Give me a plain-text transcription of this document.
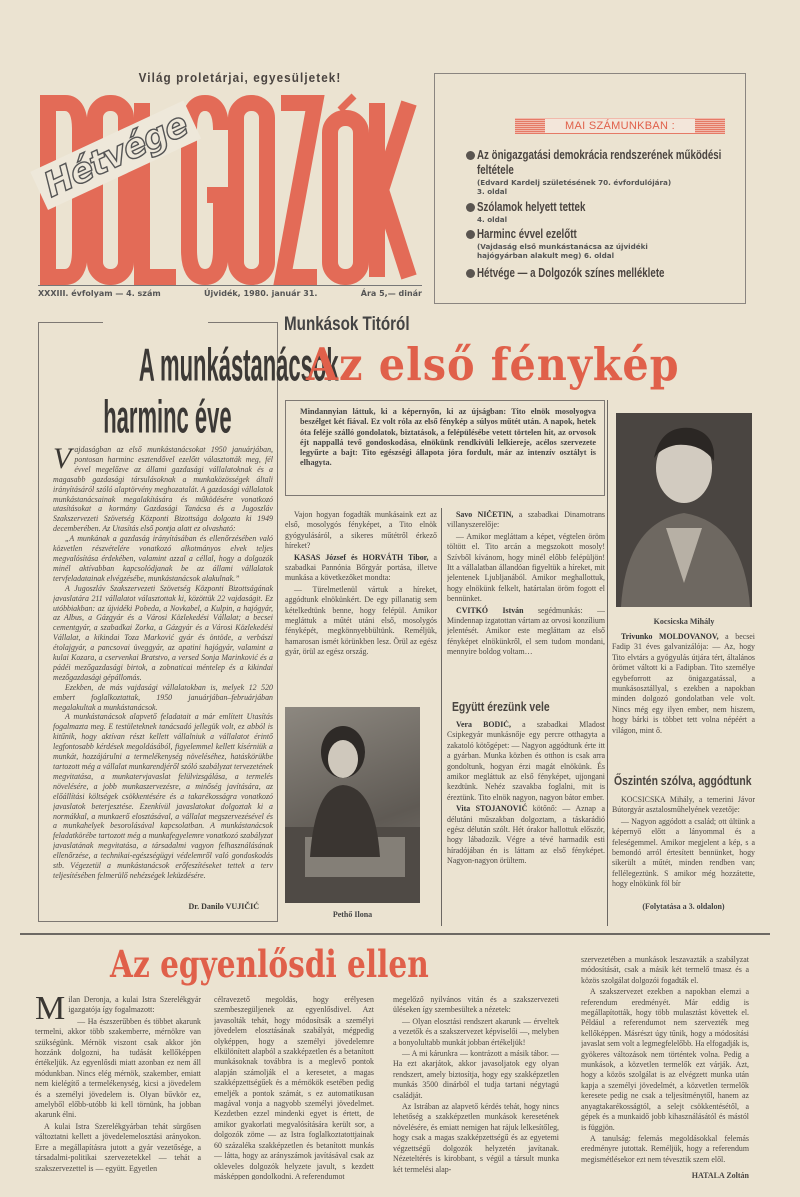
Világ proletárjai, egyesüljetek!
Hétvége
XXXIII. évfolyam — 4. szám	Újvidék, 1980. január 31.	Ára 5,— dinár
MAI SZÁMUNKBAN :
Az önigazgatási demokrácia rendszerének működési
feltétele
(Edvard Kardelj születésének 70. évfordulójára)
3. oldal
Szólamok helyett tettek
4. oldal
Harminc évvel ezelőtt
(Vajdaság első munkástanácsa az újvidéki
hajógyárban alakult meg) 6. oldal
Hétvége — a Dolgozók színes melléklete
A munkástanácsok
harminc éve

Vajdaságban az első munkástanácsokat 1950 januárjában, pontosan harminc esztendővel ezelőtt választották meg, fél évvel megelőzve az állami gazdasági vállalatoknak és a magasabb gazdasági társulásoknak a munkaközösségek általi irányításáról szóló alaptörvény meghozatalát. A gazdasági vállalatok munkástanácsainak megalakítására és működésére vonatkozó utasításokat a kormány Gazdasági Tanácsa és a Jugoszláv Szakszervezeti Szövetség Központi Bizottsága dolgozta ki 1949 decemberében. Az Utasítás első pontja alatt ez olvasható:

„A munkának a gazdaság irányításában és ellenőrzésében való közvetlen részvételére vonatkozó alkotmányos elvek teljes megvalósítása érdekében, valamint azzal a céllal, hogy a dolgozók minél aktívabban kapcsolódjanak be az állami vállalatok tervfeladatainak elvégzésébe, munkástanácsok alakulnak.”

A Jugoszláv Szakszervezeti Szövetség Központi Bizottságának javaslatára 211 vállalatot választottak ki, közöttük 22 vajdaságit. Ez utóbbiakban: az újvidéki Pobeda, a Novkabel, a Kulpin, a hajógyár, az Albus, a Gázgyár és a Városi Közlekedési Vállalat; a becsei cementgyár, a szabadkai Zorka, a Gázgyár és a Városi Közlekedési Vállalat, a kikindai Toza Marković gyár és öntöde, a verbászi étolajgyár, a pancsovai üveggyár, az apatini hajógyár, valamint a kulai Kozara, a cservenkai Bratstvo, a versed Sonja Marinković és a pádéi mezőgazdasági birtok, a zobnaticai méntelep és a kikindai mezőgazdasági gépállomás.

Ezekben, de más vajdasági vállalatokban is, melyek 12 520 embert foglalkoztattak, 1950 januárjában–februárjában megalakultak a munkástanácsok.

A munkástanácsok alapvető feladatait a már említett Utasítás fogalmazta meg. E testületeknek tanácsadó jellegük volt, ez abból is kitűnik, hogy aktívan részt kellett vállalniuk a vállalatot érintő legfontosabb kérdések megoldásából, figyelemmel kellett kísérniük a munkát, hozzájárulni a termelékenység növeléséhez, hatáskörükbe tartozott még a vállalat munkarendjéről szóló szabályzat tervezetének megvitatása, a munkatervjavaslat felülvizsgálása, a termelés növelésére, a jobb munkaszervezésre, a minőség javítására, az előállítási költségek csökkentésére és a takarékosságra vonatkozó javaslatok beterjesztése. Ezenkívül javaslatokat dolgoztak ki a normákkal, a munkaerő elosztásával, a vállalat megszervezésével és a munkahelyek besorolásával kapcsolatban. A munkástanácsok feladatkörébe tartozott még a munkafegyelemre vonatkozó szabályzat javaslatának megvitatása, a társadalmi vagyon felhasználásának ellenőrzése, a technikai-egészségügyi védelemről való gondoskodás stb. Végezetül a munkástanácsok erőfeszítéseket tettek a terv teljesítésében felmerülő nehézségek leküzdésére.

Dr. Danilo VUJIČIĆ
Munkások Titóról
Az első fénykép
Mindannyian láttuk, ki a képernyőn, ki az újságban: Tito elnök mosolyogva beszélget két fiával. Ez volt róla az első fénykép a súlyos műtét után. A napok, hetek óta feléje szálló gondolatok, biztatások, a felépülésébe vetett törtelen hit, az orvosok éjt nappallá tevő gondoskodása, elnökünk rendkívüli lelkiereje, acélos szervezete legyűrte a bajt: Tito egészségi állapota jóra fordult, már az intenzív osztályt is elhagyta.

Vajon hogyan fogadták munkásaink ezt az első, mosolygós fényképet, a Tito elnök gyógyulásáról, a sikeres műtétről érkező híreket?

KASAS József és HORVÁTH Tibor, a szabadkai Pannónia Bőrgyár portása, illetve munkása a következőket mondta:

— Türelmetlenül vártuk a híreket, aggódtunk elnökünkért. De egy pillanatig sem kételkedtünk benne, hogy felépül. Amikor megláttuk a műtét utáni első, mosolygós fényképét, megkönnyebbültünk. Reméljük, hamarosan ismét körünkben lesz. Örül az egész gyár, örül az egész ország.

Pethő Ilona

Savo NIČETIN, a szabadkai Dinamotrans villanyszerelője:

— Amikor megláttam a képet, végtelen öröm töltött el. Tito arcán a megszokott mosoly! Szívből kívánom, hogy minél előbb felépüljön! Itt a vállalatban állandóan figyeltük a híreket, mit jelentenek Ljubljanából. Amikor meghallottuk, hogy elnökünk felkelt, határtalan öröm fogott el bennünket.

CVITKÓ István segédmunkás: — Mindennap izgatottan vártam az orvosi konzílium jelentését. Amikor este megláttam az első fényképet elnökünkről, el sem tudom mondani, mennyire boldog voltam…

Együtt érezünk vele

Vera BODIĆ, a szabadkai Mladost Csipkegyár munkásnője egy percre otthagyta a zakatoló kötőgépet: — Nagyon aggódtunk érte itt a gyárban. Munka közben és otthon is csak arra gondoltunk, hogyan érzi magát elnökünk. És amikor megláttuk az első fényképet, ujjongani kezdtünk. Nehéz szavakba foglalni, mit is éreztünk. Tito elnök nagyon, nagyon bátor ember.

Vita STOJANOVIĆ kötőnő: — Aznap a délutáni műszakban dolgoztam, a táskarádió egész délután szólt. Hét órakor hallottuk először, hogy lábadozik. Végre a tévé harmadik esti híradójában én is láttam az első fényképet. Nagyon-nagyon örültem.

Kocsicska Mihály

Trivunko MOLDOVANOV, a becsei Fadip 31 éves galvanizálója: — Az, hogy Tito elvtárs a gyógyulás útjára tért, általános örömet váltott ki a Fadipban. Tito személye egybeforrott az önigazgatással, a munkásosztállyal, s ezekben a napokban minden dolgozó gondolatban vele volt. Nincs még egy ilyen ember, nem hiszem, hogy bárki is többet tett volna népéért a világon, mint ő.

Őszintén szólva, aggódtunk

KOCSICSKA Mihály, a temerini Jávor Bútorgyár asztalosműhelyének vezetője:

— Nagyon aggódott a család; ott ültünk a képernyő előtt a lányommal és a feleségemmel. Amikor megjelent a kép, s a bemondó arról értesített bennünket, hogy sikerült a műtét, minden rendben van; fellélegeztünk. S amikor még hozzátette, hogy elnökünk föl bír

(Folytatása a 3. oldalon)
Az egyenlősdi ellen

Milan Deronja, a kulai Istra Szerelékgyár igazgatója így fogalmazott:

— Ha észszerűbben és többet akarunk termelni, akkor több szakemberre, mérnökre van szükségünk. Mérnök viszont csak akkor jön hozzánk dolgozni, ha tudását kellőképpen értékeljük. Az egyenlősdi miatt azonban ez nem áll módunkban. Nincs elég mérnök, szakember, emiatt nem kielégítő a termelékenység, kicsi a jövedelem és a személyi jövedelem is. Olyan bűvkör ez, amelyből előbb-utóbb ki kell törnünk, ha jobban akarunk élni.

A kulai Istra Szerelékgyárban tehát sürgősen változtatni kellett a jövedelemelosztási arányokon. Erre a megállapításra jutott a gyár vezetősége, a társadalmi-politikai szervezetekkel — tehát a szakszervezettel is — együtt. Egyetlen

célravezető megoldás, hogy erélyesen szembeszegüljenek az egyenlősdivel. Azt javasolták tehát, hogy módosítsák a személyi jövedelem elosztásának szabályát, mégpedig olyképpen, hogy a személyi jövedelemre elkülönített alapból a szakképzetlen és a betanított munkásoknak továbbra is a meglevő pontok alapján számolják el a keresetet, a magas szakképzettségűek és a mérnökök esetében pedig emeljék a pontok számát, s ez automatikusan magával vonja a nagyobb személyi jövedelmet. Kezdetben ezzel mindenki egyet is értett, de amikor gyakorlati megvalósítására került sor, a dolgozók zöme — az Istra foglalkoztatottjainak 60 százaléka szakképzetlen és betanított munkás — látta, hogy az arányszámok javításával csak az okleveles dolgozók helyzete javult, s kezdett másképpen gondolkodni. A referendumot

megelőző nyilvános vitán és a szakszervezeti üléseken így szembesültek a nézetek:

— Olyan elosztási rendszert akarunk — érveltek a vezetők és a szakszervezet képviselői —, melyben a bonyolultabb munkát jobban értékeljük!

— A mi kárunkra — kontrázott a másik tábor. — Ha ezt akarjátok, akkor javasoljatok egy olyan rendszert, amely biztosítja, hogy egy szakképzetlen munkás 3500 dinárból el tudja tartani négytagú családját.

Az Istrában az alapvető kérdés tehát, hogy nincs lehetőség a szakképzetlen munkások keresetének növelésére, és emiatt nemigen hat rájuk lelkesítőleg, hogy csak a magas szakképzettségű és az egyetemi végzettségű dolgozók helyzetén javítanak. Nézeteltérés is kirobbant, s végül a társult munka két termelési alap-

szervezetében a munkások leszavazták a szabályzat módosítását, csak a másik két termelő tmasz és a közös szolgálat dolgozói fogadták el.

A szakszervezet ezekben a napokban elemzi a referendum eredményét. Már eddig is megállapították, hogy több mulasztást követtek el. Például a referendumot nem szervezték meg kellőképpen. Másrészt úgy tűnik, hogy a módosítási javaslat sem volt a legmegfelelőbb. Ha elfogadják is, gyökeres változások nem történtek volna. Pedig a munkások, a közvetlen termelők ezt várják. Azt, hogy a közös szolgálat is az elvégzett munka után kapja a személyi jövedelmét, a közvetlen termelők keresete pedig ne csak a teljesítménytől, hanem az anyagtakarékosságtól, a selejt csökkentésétől, a gépek és a munkaidő jobb kihasználásától és mástól is függjön.

A tanulság: felemás megoldásokkal felemás eredményre jutottak. Reméljük, hogy a referendum megismétlésekor ezt nem tévesztik szem elől.

HATALA Zoltán
